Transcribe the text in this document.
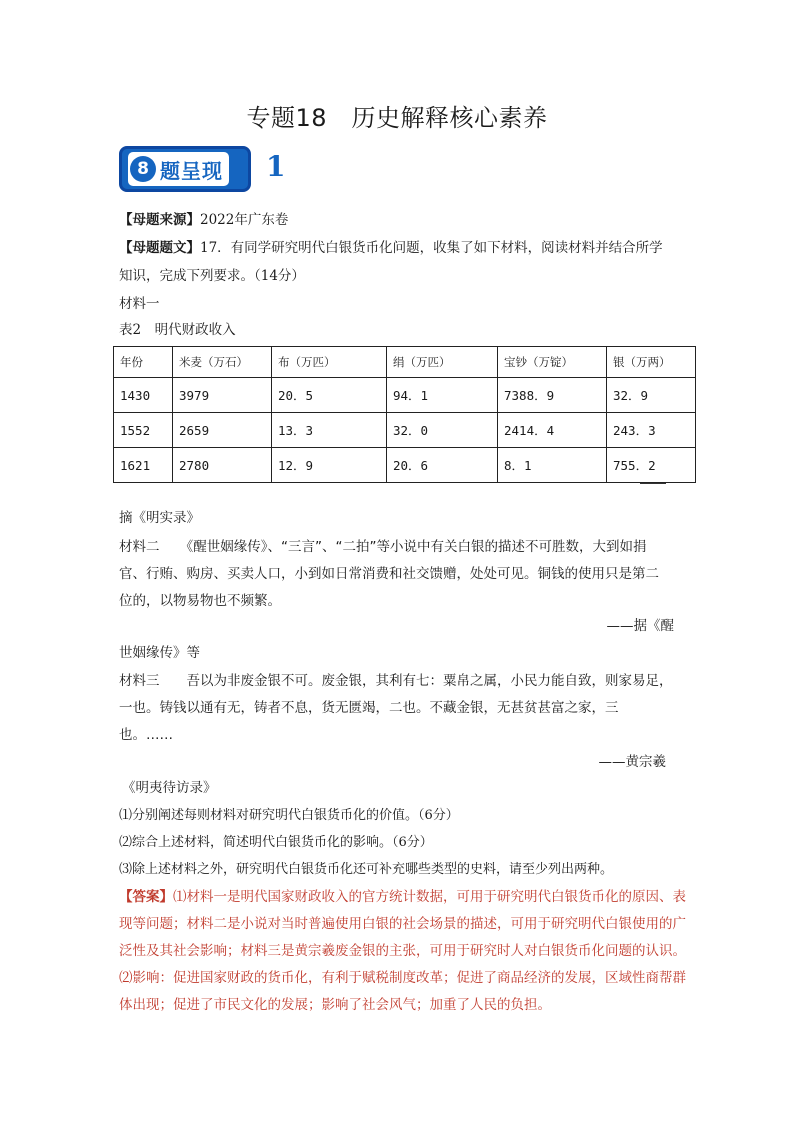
专题18　历史解释核心素养
8 题呈现 1
【母题来源】2022年广东卷
【母题题文】17．有同学研究明代白银货币化问题，收集了如下材料，阅读材料并结合所学
知识，完成下列要求。（14分）
材料一
表2　明代财政收入
年份	米麦（万石）	布（万匹）	绢（万匹）	宝钞（万锭）	银（万两）
1430	3979	20．5	94．1	7388．9	32．9
1552	2659	13．3	32．0	2414．4	243．3
1621	2780	12．9	20．6	8．1	755．2
摘《明实录》
材料二　　《醒世姻缘传》、“三言”、“二拍”等小说中有关白银的描述不可胜数，大到如捐
官、行贿、购房、买卖人口，小到如日常消费和社交馈赠，处处可见。铜钱的使用只是第二
位的，以物易物也不频繁。
——据《醒
世姻缘传》等
材料三　　吾以为非废金银不可。废金银，其利有七：粟帛之属，小民力能自致，则家易足，
一也。铸钱以通有无，铸者不息，货无匮竭，二也。不藏金银，无甚贫甚富之家，三
也。……
——黄宗羲
《明夷待访录》
⑴分别阐述每则材料对研究明代白银货币化的价值。（6分）
⑵综合上述材料，简述明代白银货币化的影响。（6分）
⑶除上述材料之外，研究明代白银货币化还可补充哪些类型的史料，请至少列出两种。
【答案】⑴材料一是明代国家财政收入的官方统计数据，可用于研究明代白银货币化的原因、表
现等问题；材料二是小说对当时普遍使用白银的社会场景的描述，可用于研究明代白银使用的广
泛性及其社会影响；材料三是黄宗羲废金银的主张，可用于研究时人对白银货币化问题的认识。
⑵影响：促进国家财政的货币化，有利于赋税制度改革；促进了商品经济的发展，区域性商帮群
体出现；促进了市民文化的发展；影响了社会风气；加重了人民的负担。
